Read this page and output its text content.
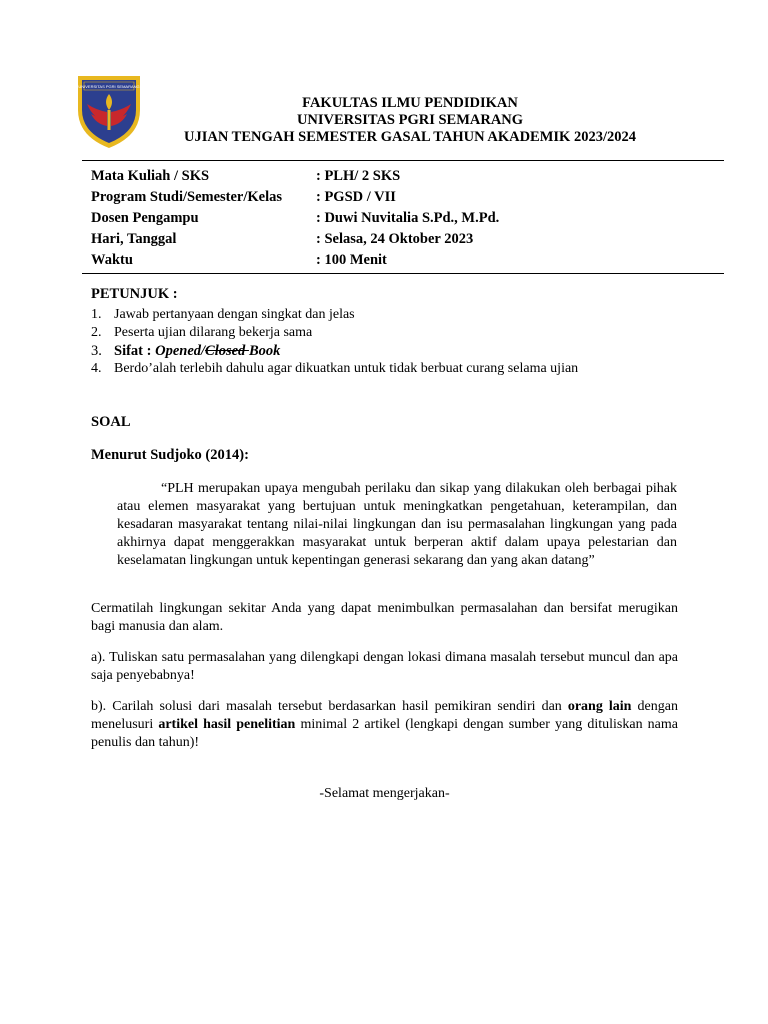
UNIVERSITAS PGRI SEMARANG
FAKULTAS ILMU PENDIDIKAN
UNIVERSITAS PGRI SEMARANG
UJIAN TENGAH SEMESTER GASAL TAHUN AKADEMIK 2023/2024
Mata Kuliah / SKS	: PLH/ 2 SKS
Program Studi/Semester/Kelas : PGSD / VII
Dosen Pengampu	: Duwi Nuvitalia S.Pd., M.Pd.
Hari, Tanggal	: Selasa, 24 Oktober 2023
Waktu	: 100 Menit
PETUNJUK :
1. Jawab pertanyaan dengan singkat dan jelas
2. Peserta ujian dilarang bekerja sama
3. Sifat : Opened/Closed Book
4. Berdo’alah terlebih dahulu agar dikuatkan untuk tidak berbuat curang selama ujian
SOAL
Menurut Sudjoko (2014):
“PLH merupakan upaya mengubah perilaku dan sikap yang dilakukan oleh berbagai pihak atau elemen masyarakat yang bertujuan untuk meningkatkan pengetahuan, keterampilan, dan kesadaran masyarakat tentang nilai-nilai lingkungan dan isu permasalahan lingkungan yang pada akhirnya dapat menggerakkan masyarakat untuk berperan aktif dalam upaya pelestarian dan keselamatan lingkungan untuk kepentingan generasi sekarang dan yang akan datang”
Cermatilah lingkungan sekitar Anda yang dapat menimbulkan permasalahan dan bersifat merugikan bagi manusia dan alam.
a). Tuliskan satu permasalahan yang dilengkapi dengan lokasi dimana masalah tersebut muncul dan apa saja penyebabnya!
b). Carilah solusi dari masalah tersebut berdasarkan hasil pemikiran sendiri dan orang lain dengan menelusuri artikel hasil penelitian minimal 2 artikel (lengkapi dengan sumber yang dituliskan nama penulis dan tahun)!
-Selamat mengerjakan-
